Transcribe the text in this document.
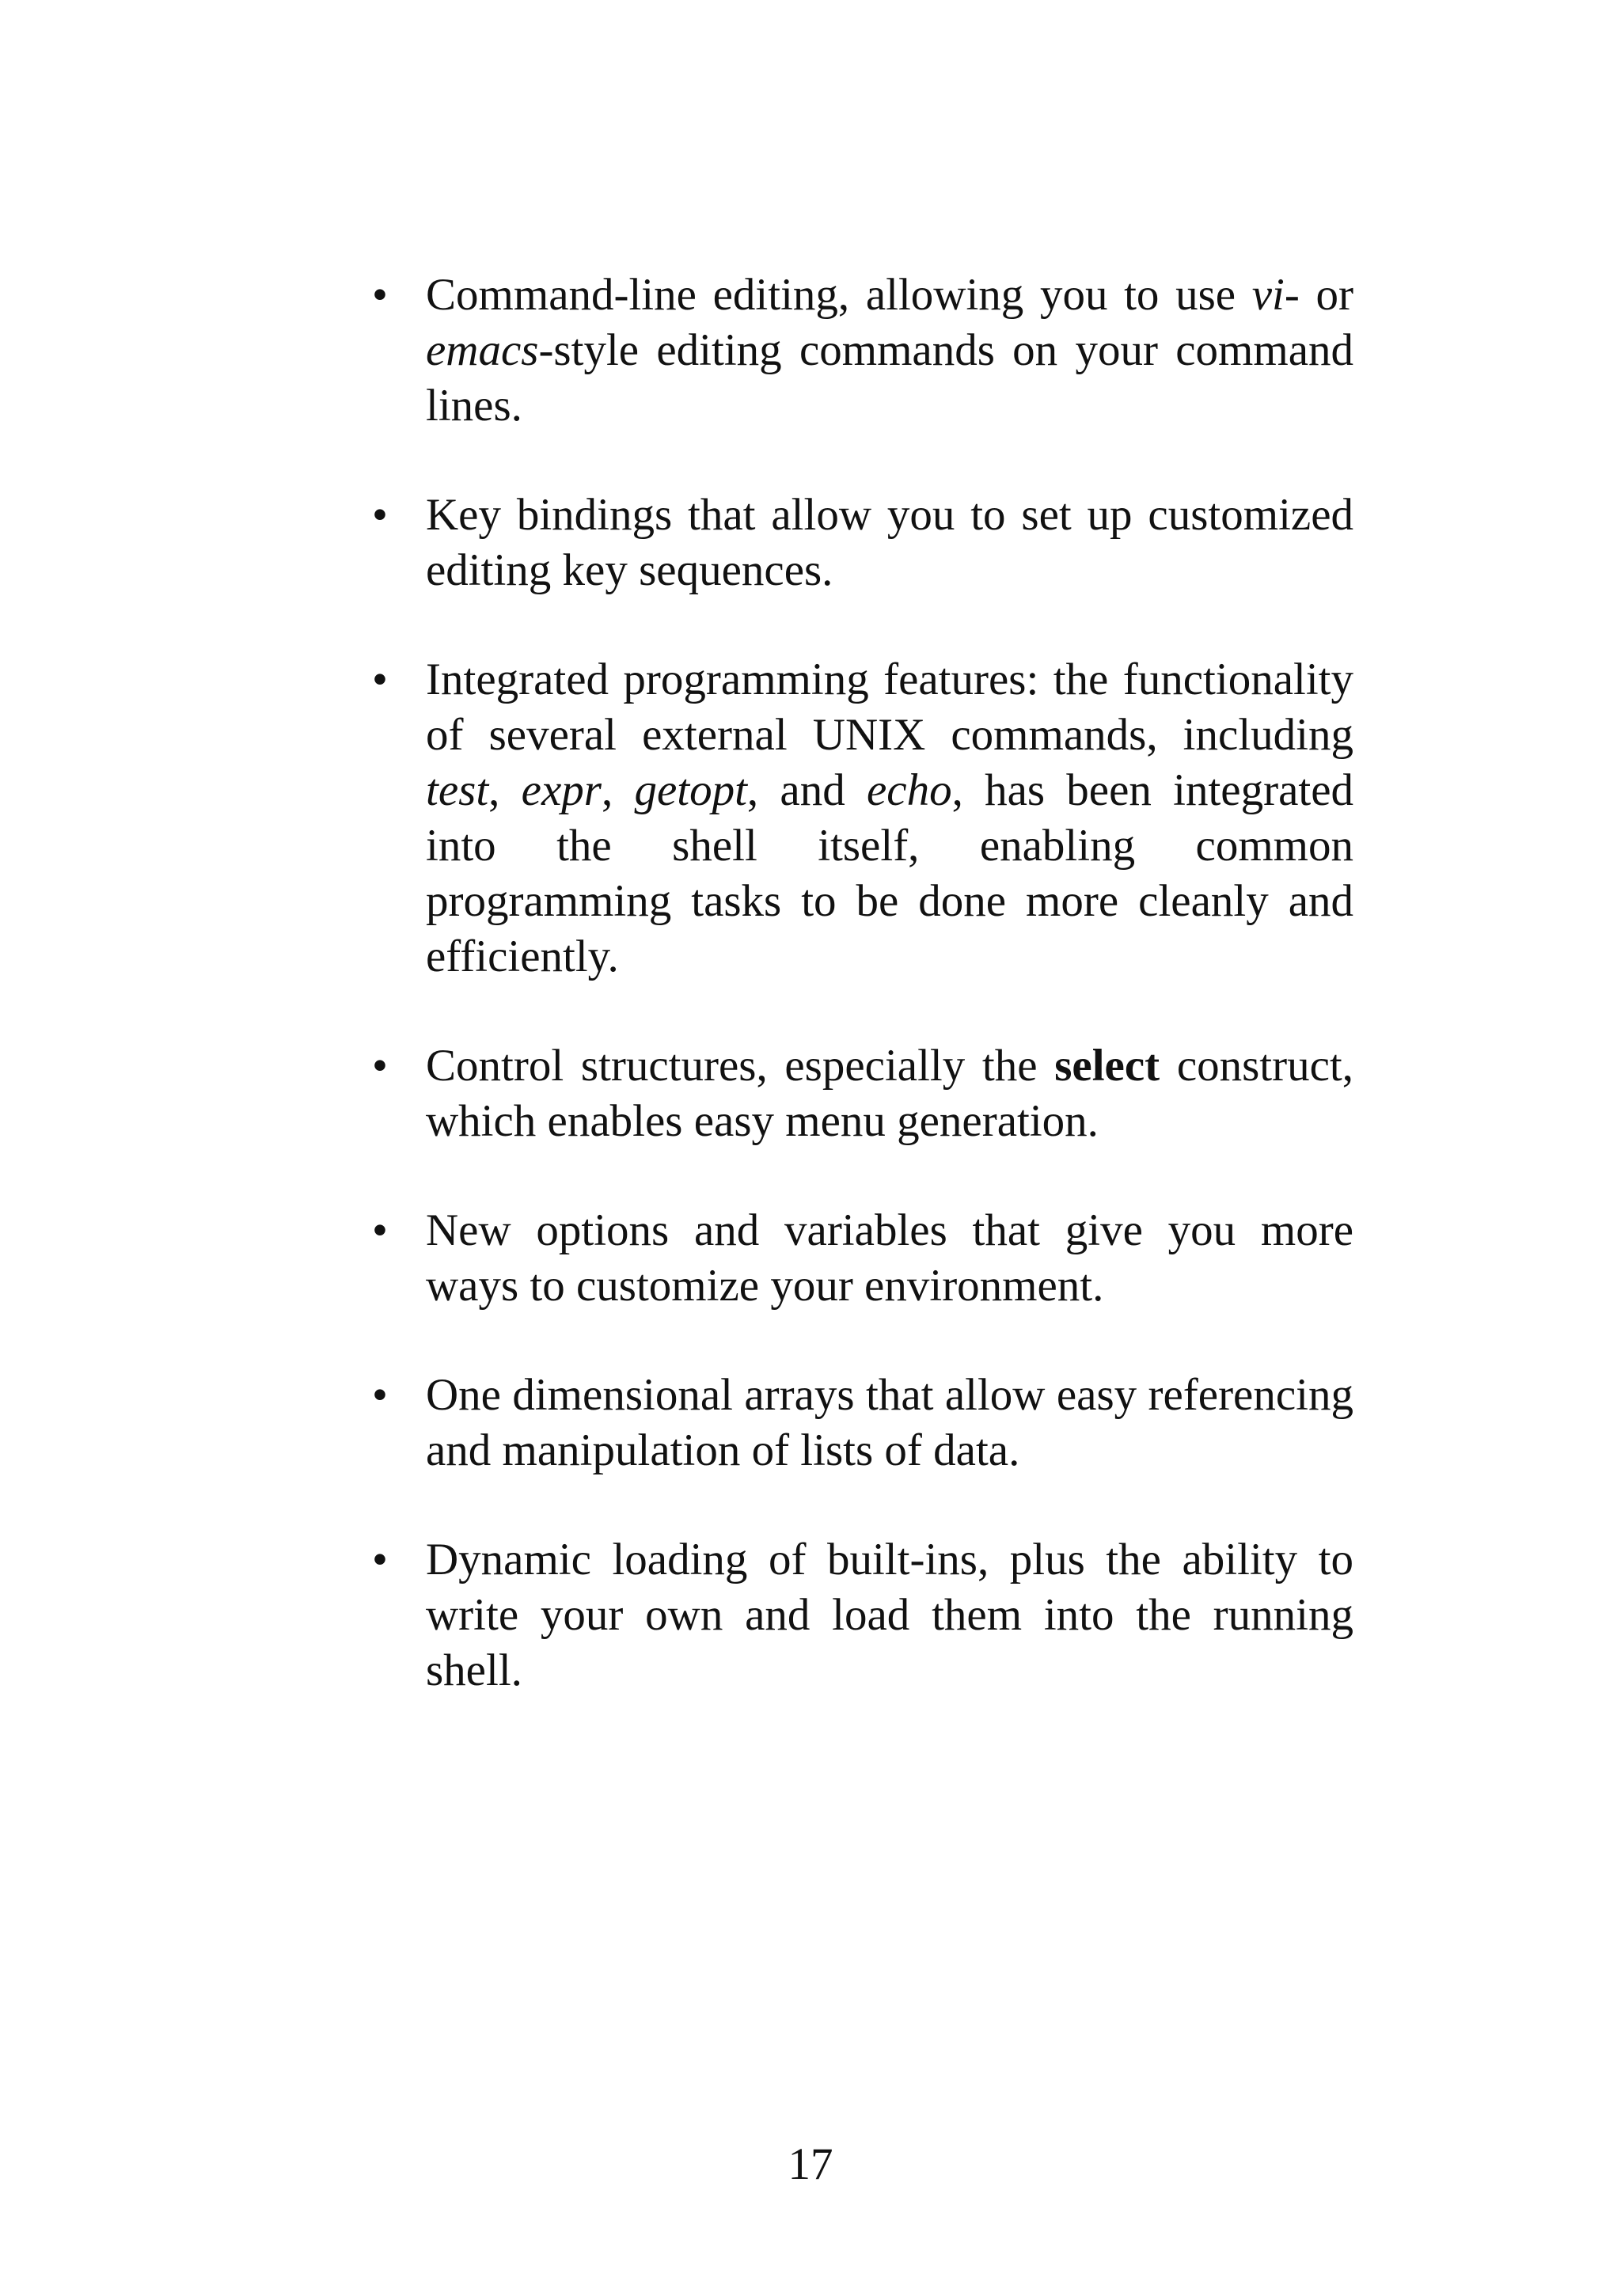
• Command-line editing, allowing you to use vi- or emacs-style editing commands on your command lines.
• Key bindings that allow you to set up customized editing key sequences.
• Integrated programming features: the functionality of several external UNIX commands, including test, expr, getopt, and echo, has been integrated into the shell itself, enabling common programming tasks to be done more cleanly and efficiently.
• Control structures, especially the select construct, which enables easy menu generation.
• New options and variables that give you more ways to customize your environment.
• One dimensional arrays that allow easy referencing and manipulation of lists of data.
• Dynamic loading of built-ins, plus the ability to write your own and load them into the running shell.
17
